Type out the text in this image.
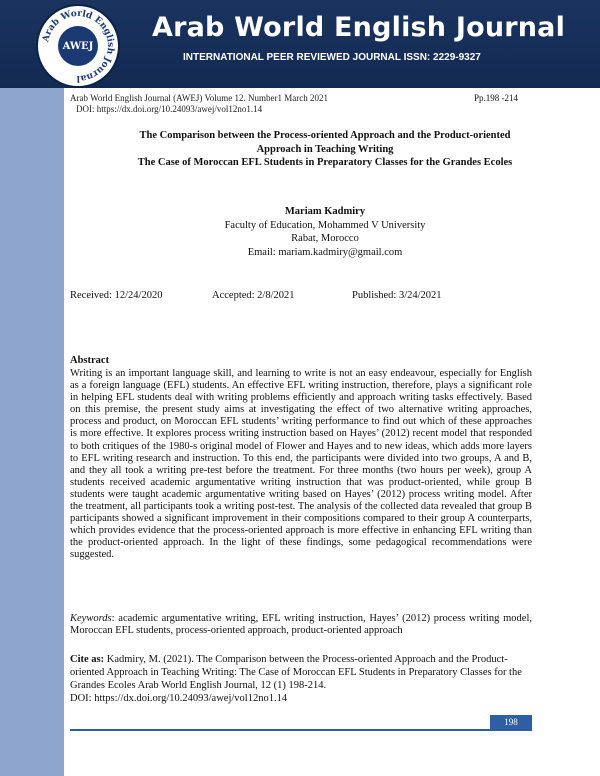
Arab World English Journal
AWEJ
Arab World English Journal
INTERNATIONAL PEER REVIEWED JOURNAL ISSN: 2229-9327
Arab World English Journal (AWEJ) Volume 12. Number1 March 2021	Pp.198 -214
DOI: https://dx.doi.org/10.24093/awej/vol12no1.14
The Comparison between the Process-oriented Approach and the Product-oriented
Approach in Teaching Writing
The Case of Moroccan EFL Students in Preparatory Classes for the Grandes Ecoles
Mariam Kadmiry
Faculty of Education, Mohammed V University
Rabat, Morocco
Email: mariam.kadmiry@gmail.com
Received: 12/24/2020	Accepted: 2/8/2021	Published: 3/24/2021
Abstract

Writing is an important language skill, and learning to write is not an easy endeavour, especially for English as a foreign language (EFL) students. An effective EFL writing instruction, therefore, plays a significant role in helping EFL students deal with writing problems efficiently and approach writing tasks effectively. Based on this premise, the present study aims at investigating the effect of two alternative writing approaches, process and product, on Moroccan EFL students’ writing performance to find out which of these approaches is more effective. It explores process writing instruction based on Hayes’ (2012) recent model that responded to both critiques of the 1980-s original model of Flower and Hayes and to new ideas, which adds more layers to EFL writing research and instruction. To this end, the participants were divided into two groups, A and B, and they all took a writing pre-test before the treatment. For three months (two hours per week), group A students received academic argumentative writing instruction that was product-oriented, while group B students were taught academic argumentative writing based on Hayes’ (2012) process writing model. After the treatment, all participants took a writing post-test. The analysis of the collected data revealed that group B participants showed a significant improvement in their compositions compared to their group A counterparts, which provides evidence that the process-oriented approach is more effective in enhancing EFL writing than the product-oriented approach. In the light of these findings, some pedagogical recommendations were suggested.

Keywords: academic argumentative writing, EFL writing instruction, Hayes’ (2012) process writing model, Moroccan EFL students, process-oriented approach, product-oriented approach

Cite as: Kadmiry, M. (2021). The Comparison between the Process-oriented Approach and the Product-oriented Approach in Teaching Writing: The Case of Moroccan EFL Students in Preparatory Classes for the Grandes Ecoles Arab World English Journal, 12 (1) 198-214.
DOI: https://dx.doi.org/10.24093/awej/vol12no1.14

198
